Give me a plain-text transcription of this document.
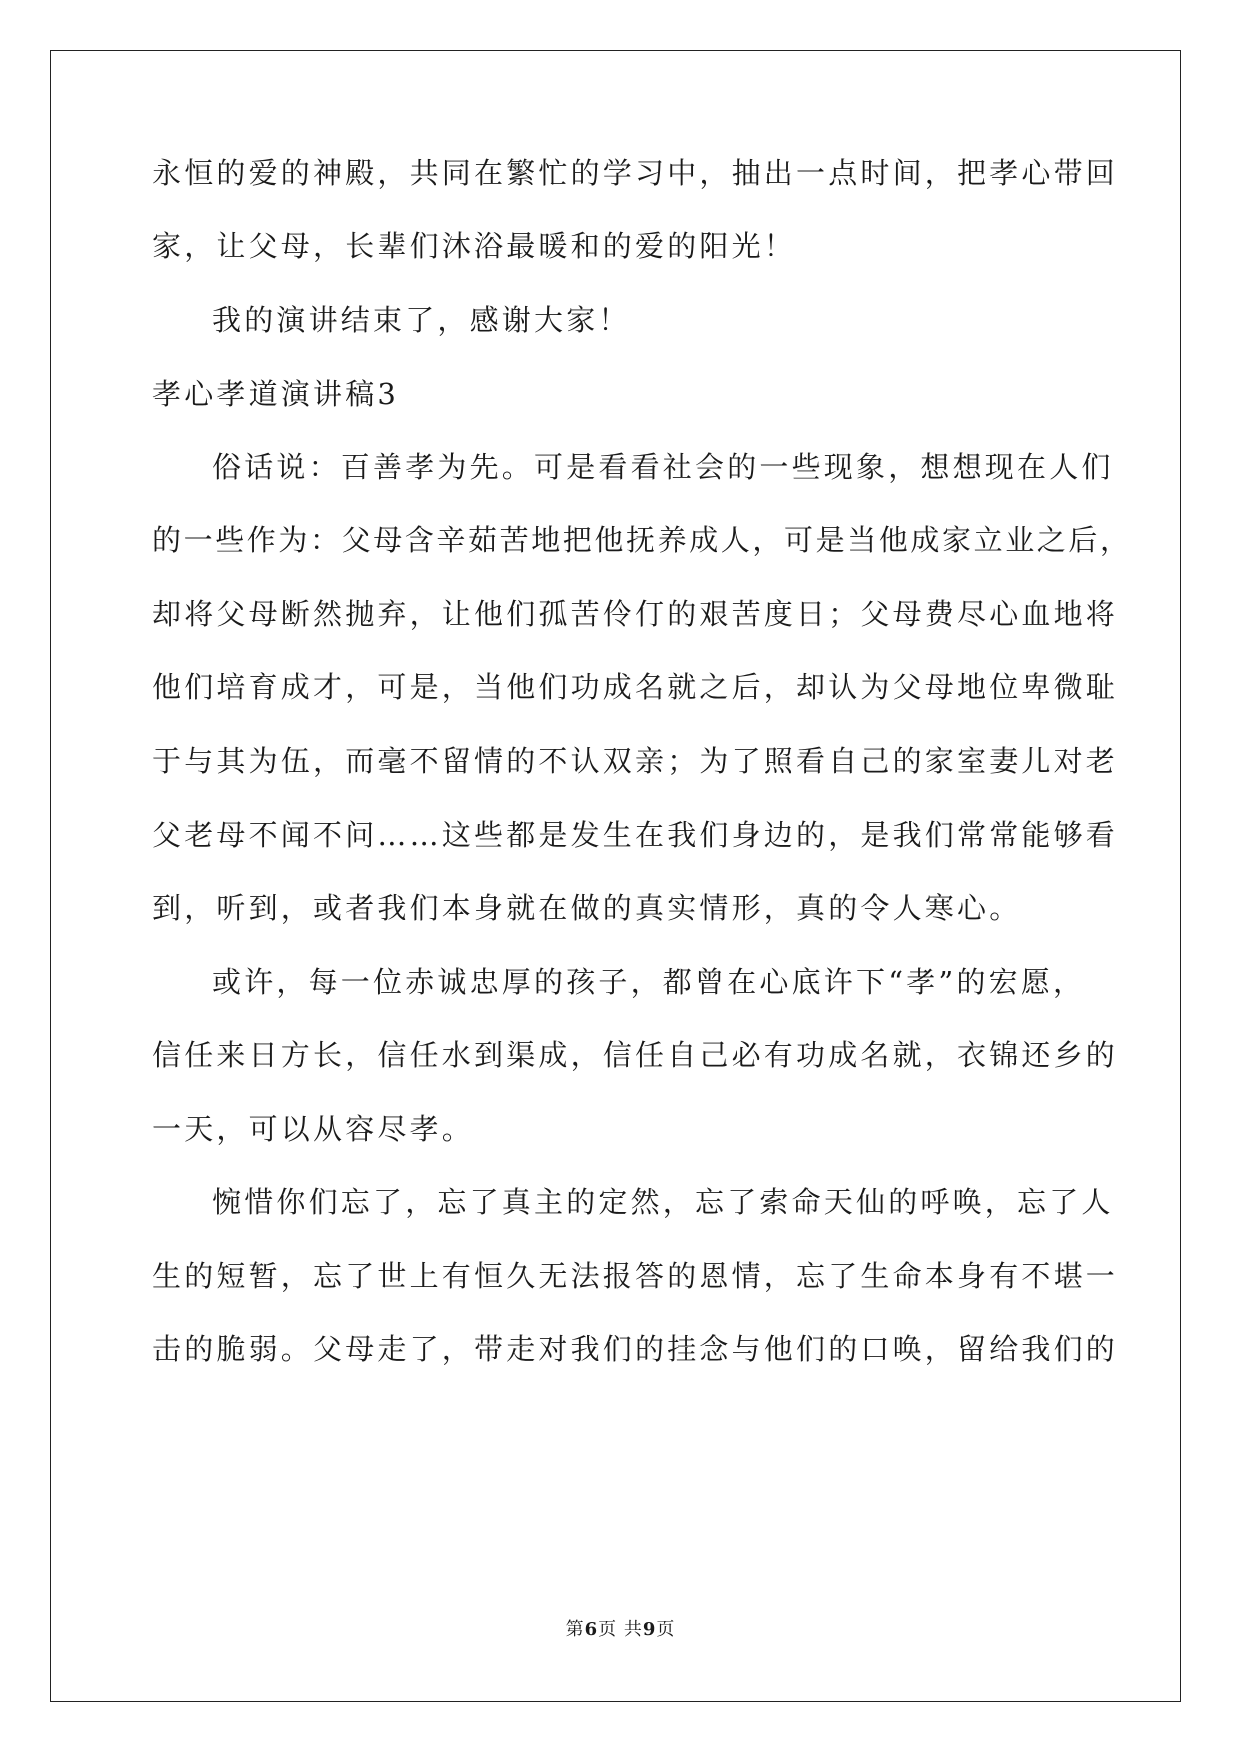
永恒的爱的神殿，共同在繁忙的学习中，抽出一点时间，把孝心带回
家，让父母，长辈们沐浴最暖和的爱的阳光！
我的演讲结束了，感谢大家！
孝心孝道演讲稿3
俗话说：百善孝为先。可是看看社会的一些现象，想想现在人们
的一些作为：父母含辛茹苦地把他抚养成人，可是当他成家立业之后，
却将父母断然抛弃，让他们孤苦伶仃的艰苦度日；父母费尽心血地将
他们培育成才，可是，当他们功成名就之后，却认为父母地位卑微耻
于与其为伍，而毫不留情的不认双亲；为了照看自己的家室妻儿对老
父老母不闻不问……这些都是发生在我们身边的，是我们常常能够看
到，听到，或者我们本身就在做的真实情形，真的令人寒心。
或许，每一位赤诚忠厚的孩子，都曾在心底许下“孝”的宏愿，
信任来日方长，信任水到渠成，信任自己必有功成名就，衣锦还乡的
一天，可以从容尽孝。
惋惜你们忘了，忘了真主的定然，忘了索命天仙的呼唤，忘了人
生的短暂，忘了世上有恒久无法报答的恩情，忘了生命本身有不堪一
击的脆弱。父母走了，带走对我们的挂念与他们的口唤，留给我们的
第6页 共9页
